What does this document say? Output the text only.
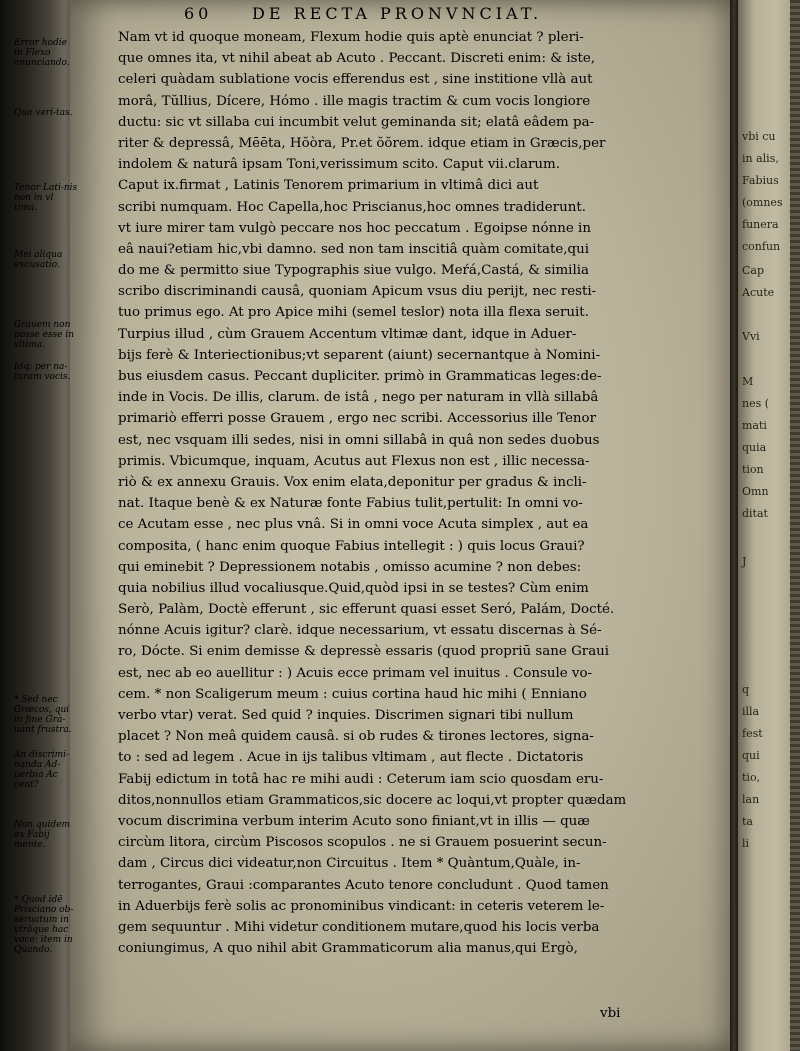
60 DE RECTA PRONVNCIAT.
Error hodie in Flexo enunciando.
Qua veri-tas.
Tenor Lati-nis non in vl tima.
Mei aliqua excusatio.
Grauem non posse esse in vltima.
Idq; per na-turam vocis.
* Sed nec Græcos, qui in fine Grà-uant frustra.
An discrimi-nanda Ad-uerbia Ac cent?
Non quidem ex Fabij mente.
* Quod idē Prisciano ob-seruatum in vtrāque hac voce: item in Quando.
Nam vt id quoque moneam, Flexum hodie quis aptè enunciat ? pleri-
que omnes ita, vt nihil abeat ab Acuto . Peccant. Discreti enim: & iste,
celeri quàdam sublatione vocis efferendus est , sine institione vllà aut
morâ, Tŭllius, Dícere, Hómo . ille magis tractim & cum vocis longiore
ductu: sic vt sillaba cui incumbit velut geminanda sit; elatâ eâdem pa-
riter & depressâ, Mēēta, Hŏòra, Pr.et ŏŏrem. idque etiam in Græcis,per
indolem & naturâ ipsam Toni,verissimum scito. Caput vii.clarum.
Caput ix.firmat , Latinis Tenorem primarium in vltimâ dici aut
scribi numquam. Hoc Capella,hoc Priscianus,hoc omnes tradiderunt.
vt iure mirer tam vulgò peccare nos hoc peccatum . Egoipse nónne in
eâ naui?etiam hic,vbi damno. sed non tam inscitiâ quàm comitate,qui
do me & permitto siue Typographis siue vulgo. Meŕá,Castá, & similia
scribo discriminandi causâ, quoniam Apicum vsus diu perijt, nec resti-
tuo primus ego. At pro Apice mihi (semel teslor) nota illa flexa seruit.
Turpius illud , cùm Grauem Accentum vltimæ dant, idque in Aduer-
bijs ferè & Interiectionibus;vt separent (aiunt) secernantque à Nomini-
bus eiusdem casus. Peccant dupliciter. primò in Grammaticas leges:de-
inde in Vocis. De illis, clarum. de istâ , nego per naturam in vllà sillabâ
primariò efferri posse Grauem , ergo nec scribi. Accessorius ille Tenor
est, nec vsquam illi sedes, nisi in omni sillabâ in quâ non sedes duobus
primis. Vbicumque, inquam, Acutus aut Flexus non est , illic necessa-
riò & ex annexu Grauis. Vox enim elata,deponitur per gradus & incli-
nat. Itaque benè & ex Naturæ fonte Fabius tulit,pertulit: In omni vo-
ce Acutam esse , nec plus vnâ. Si in omni voce Acuta simplex , aut ea
composita, ( hanc enim quoque Fabius intellegit : ) quis locus Graui?
qui eminebit ? Depressionem notabis , omisso acumine ? non debes:
quia nobilius illud vocaliusque.Quid,quòd ipsi in se testes? Cùm enim
Serò, Palàm, Doctè efferunt , sic efferunt quasi esset Seró, Palám, Docté.
nónne Acuis igitur? clarè. idque necessarium, vt essatu discernas à Sé-
ro, Dócte. Si enim demisse & depressè essaris (quod propriū sane Graui
est, nec ab eo auellitur : ) Acuis ecce primam vel inuitus . Consule vo-
cem. * non Scaligerum meum : cuius cortina haud hic mihi ( Enniano
verbo vtar) verat. Sed quid ? inquies. Discrimen signari tibi nullum
placet ? Non meâ quidem causâ. si ob rudes & tirones lectores, signa-
to : sed ad legem . Acue in ijs talibus vltimam , aut flecte . Dictatoris
Fabij edictum in totâ hac re mihi audi : Ceterum iam scio quosdam eru-
ditos,nonnullos etiam Grammaticos,sic docere ac loqui,vt propter quædam
vocum discrimina verbum interim Acuto sono finiant,vt in illis — quæ
circùm litora, circùm Piscosos scopulos . ne si Grauem posuerint secun-
dam , Circus dici videatur,non Circuitus . Item * Quàntum,Quàle, in-
terrogantes, Graui :comparantes Acuto tenore concludunt . Quod tamen
in Aduerbijs ferè solis ac pronominibus vindicant: in ceteris veterem le-
gem sequuntur . Mihi videtur conditionem mutare,quod his locis verba
coniungimus, A quo nihil abit Grammaticorum alia manus,qui Ergò,
vbi
vbi cu
in alis,
Fabius
(omnes
funera
confun
Cap
Acute
Vvi
M
nes (
mati
quia
tion
Omn
ditat
J
q
illa
fest
qui
tio,
lan
ta
li
